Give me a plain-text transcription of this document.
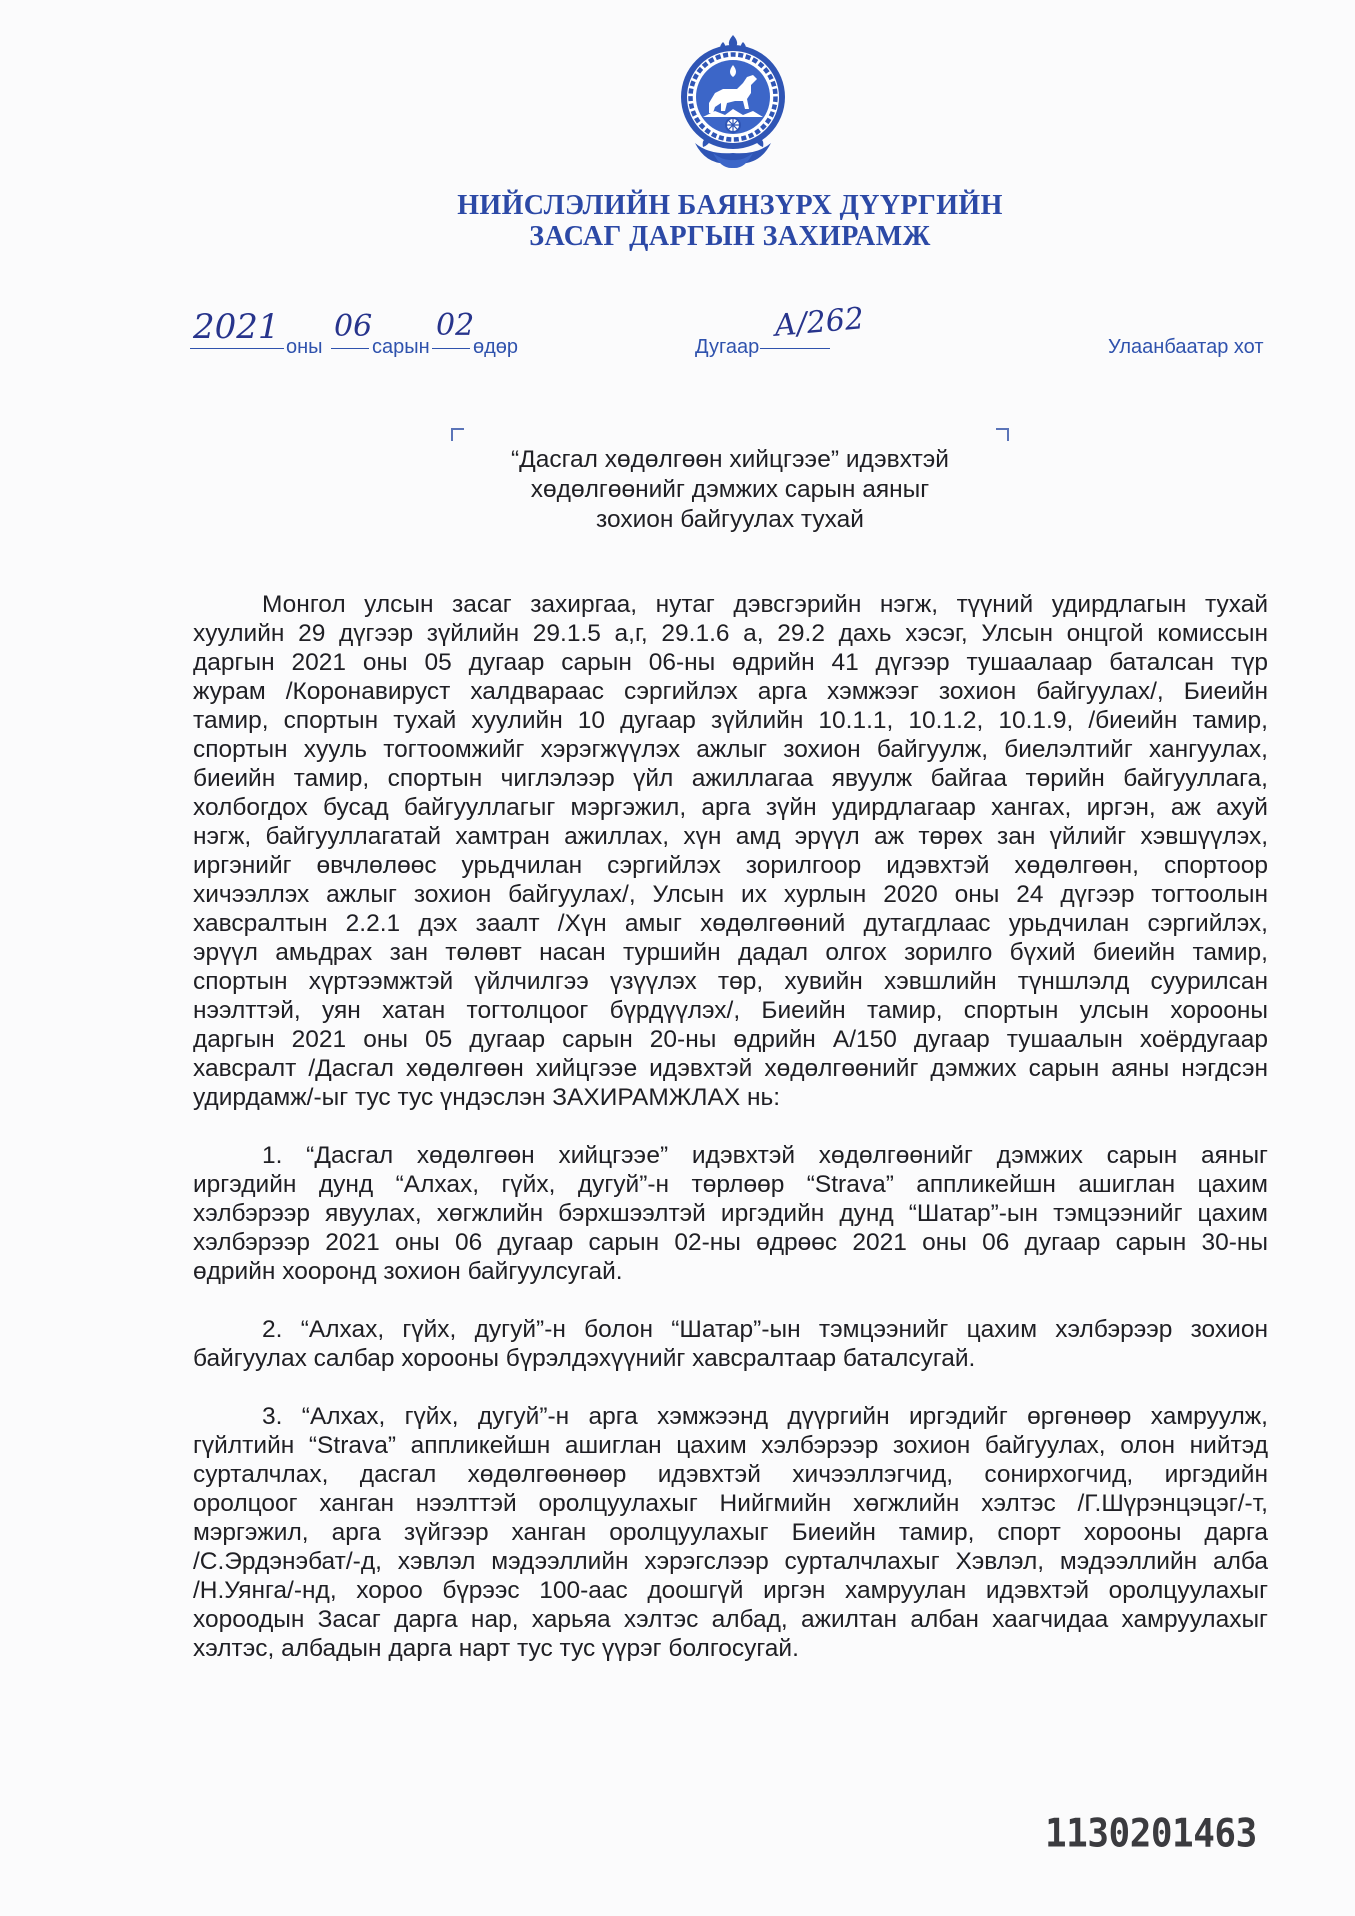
НИЙСЛЭЛИЙН БАЯНЗҮРХ ДҮҮРГИЙН
ЗАСАГ ДАРГЫН ЗАХИРАМЖ
2021 оны
06
сарын
02
өдөр	Дугаар
А/262
Улаанбаатар хот
“Дасгал хөдөлгөөн хийцгээе” идэвхтэй
хөдөлгөөнийг дэмжих сарын аяныг
зохион байгуулах тухай
Монгол улсын засаг захиргаа, нутаг дэвсгэрийн нэгж, түүний удирдлагын тухай
хуулийн 29 дүгээр зүйлийн 29.1.5 а,г, 29.1.6 а, 29.2 дахь хэсэг, Улсын онцгой комиссын
даргын 2021 оны 05 дугаар сарын 06-ны өдрийн 41 дүгээр тушаалаар баталсан түр
журам /Коронавируст халдвараас сэргийлэх арга хэмжээг зохион байгуулах/, Биеийн
тамир, спортын тухай хуулийн 10 дугаар зүйлийн 10.1.1, 10.1.2, 10.1.9, /биеийн тамир,
спортын хууль тогтоомжийг хэрэгжүүлэх ажлыг зохион байгуулж, биелэлтийг хангуулах,
биеийн тамир, спортын чиглэлээр үйл ажиллагаа явуулж байгаа төрийн байгууллага,
холбогдох бусад байгууллагыг мэргэжил, арга зүйн удирдлагаар хангах, иргэн, аж ахуй
нэгж, байгууллагатай хамтран ажиллах, хүн амд эрүүл аж төрөх зан үйлийг хэвшүүлэх,
иргэнийг өвчлөлөөс урьдчилан сэргийлэх зорилгоор идэвхтэй хөдөлгөөн, спортоор
хичээллэх ажлыг зохион байгуулах/, Улсын их хурлын 2020 оны 24 дүгээр тогтоолын
хавсралтын 2.2.1 дэх заалт /Хүн амыг хөдөлгөөний дутагдлаас урьдчилан сэргийлэх,
эрүүл амьдрах зан төлөвт насан туршийн дадал олгох зорилго бүхий биеийн тамир,
спортын хүртээмжтэй үйлчилгээ үзүүлэх төр, хувийн хэвшлийн түншлэлд суурилсан
нээлттэй, уян хатан тогтолцоог бүрдүүлэх/, Биеийн тамир, спортын улсын хорооны
даргын 2021 оны 05 дугаар сарын 20-ны өдрийн А/150 дугаар тушаалын хоёрдугаар
хавсралт /Дасгал хөдөлгөөн хийцгээе идэвхтэй хөдөлгөөнийг дэмжих сарын аяны нэгдсэн
удирдамж/-ыг тус тус үндэслэн ЗАХИРАМЖЛАХ нь:
1. “Дасгал хөдөлгөөн хийцгээе” идэвхтэй хөдөлгөөнийг дэмжих сарын аяныг
иргэдийн дунд “Алхах, гүйх, дугуй”-н төрлөөр “Strava” аппликейшн ашиглан цахим
хэлбэрээр явуулах, хөгжлийн бэрхшээлтэй иргэдийн дунд “Шатар”-ын тэмцээнийг цахим
хэлбэрээр 2021 оны 06 дугаар сарын 02-ны өдрөөс 2021 оны 06 дугаар сарын 30-ны
өдрийн хооронд зохион байгуулсугай.
2. “Алхах, гүйх, дугуй”-н болон “Шатар”-ын тэмцээнийг цахим хэлбэрээр зохион
байгуулах салбар хорооны бүрэлдэхүүнийг хавсралтаар баталсугай.
3. “Алхах, гүйх, дугуй”-н арга хэмжээнд дүүргийн иргэдийг өргөнөөр хамруулж,
гүйлтийн “Strava” аппликейшн ашиглан цахим хэлбэрээр зохион байгуулах, олон нийтэд
сурталчлах, дасгал хөдөлгөөнөөр идэвхтэй хичээллэгчид, сонирхогчид, иргэдийн
оролцоог ханган нээлттэй оролцуулахыг Нийгмийн хөгжлийн хэлтэс /Г.Шүрэнцэцэг/-т,
мэргэжил, арга зүйгээр ханган оролцуулахыг Биеийн тамир, спорт хорооны дарга
/С.Эрдэнэбат/-д, хэвлэл мэдээллийн хэрэгслээр сурталчлахыг Хэвлэл, мэдээллийн алба
/Н.Уянга/-нд, хороо бүрээс 100-аас доошгүй иргэн хамруулан идэвхтэй оролцуулахыг
хороодын Засаг дарга нар, харьяа хэлтэс албад, ажилтан албан хаагчидаа хамруулахыг
хэлтэс, албадын дарга нарт тус тус үүрэг болгосугай.
1130201463
